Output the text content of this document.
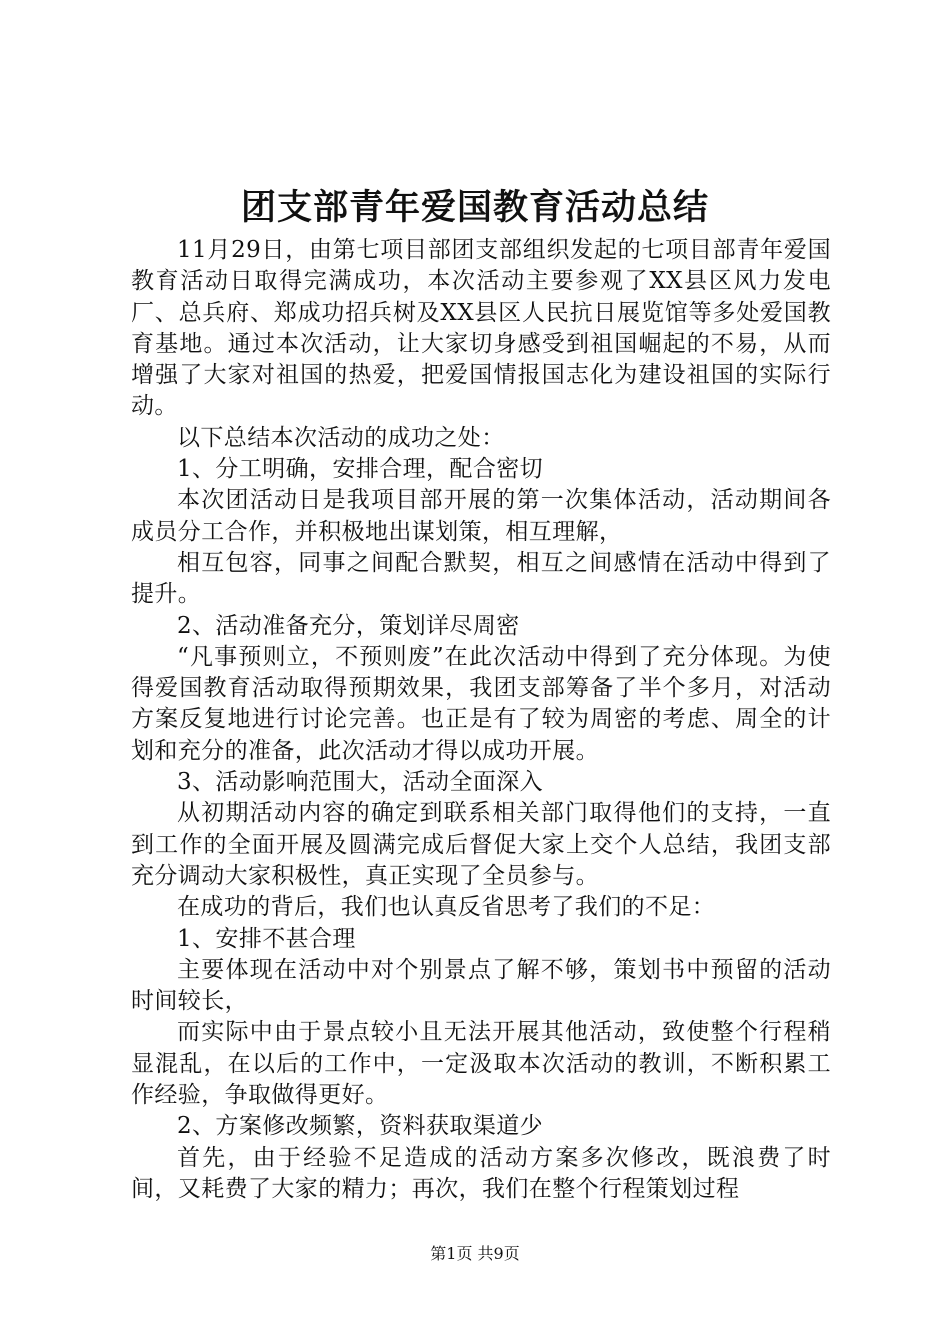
团支部青年爱国教育活动总结

11月29日，由第七项目部团支部组织发起的七项目部青年爱国教育活动日取得完满成功，本次活动主要参观了XX县区风力发电厂、总兵府、郑成功招兵树及XX县区人民抗日展览馆等多处爱国教育基地。通过本次活动，让大家切身感受到祖国崛起的不易，从而增强了大家对祖国的热爱，把爱国情报国志化为建设祖国的实际行动。

以下总结本次活动的成功之处：

1、分工明确，安排合理，配合密切

本次团活动日是我项目部开展的第一次集体活动，活动期间各成员分工合作，并积极地出谋划策，相互理解，

相互包容，同事之间配合默契，相互之间感情在活动中得到了提升。

2、活动准备充分，策划详尽周密

“凡事预则立，不预则废”在此次活动中得到了充分体现。为使得爱国教育活动取得预期效果，我团支部筹备了半个多月，对活动方案反复地进行讨论完善。也正是有了较为周密的考虑、周全的计划和充分的准备，此次活动才得以成功开展。

3、活动影响范围大，活动全面深入

从初期活动内容的确定到联系相关部门取得他们的支持，一直到工作的全面开展及圆满完成后督促大家上交个人总结，我团支部充分调动大家积极性，真正实现了全员参与。

在成功的背后，我们也认真反省思考了我们的不足：

1、安排不甚合理

主要体现在活动中对个别景点了解不够，策划书中预留的活动时间较长，

而实际中由于景点较小且无法开展其他活动，致使整个行程稍显混乱，在以后的工作中，一定汲取本次活动的教训，不断积累工作经验，争取做得更好。

2、方案修改频繁，资料获取渠道少

首先，由于经验不足造成的活动方案多次修改，既浪费了时间，又耗费了大家的精力；再次，我们在整个行程策划过程

第1页 共9页
